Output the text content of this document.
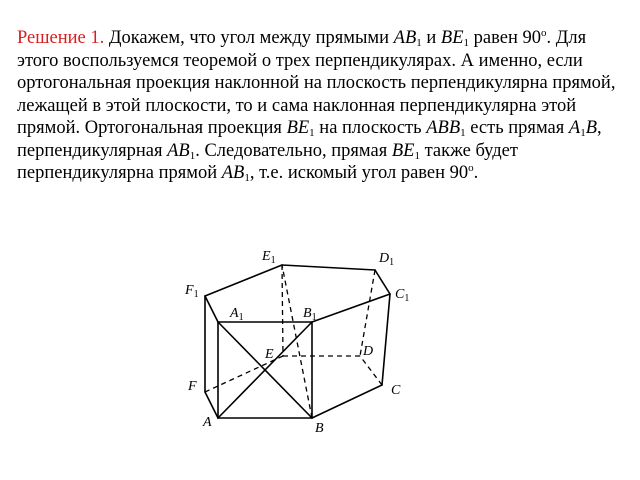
Решение 1. Докажем, что угол между прямыми $AB_1$ и $BE_1$ равен 90$^o$. Для этого воспользуемся теоремой о трех перпендикулярах. А именно, если ортогональная проекция наклонной на плоскость перпендикулярна прямой, лежащей в этой плоскости, то и сама наклонная перпендикулярна этой прямой. Ортогональная проекция $BE_1$ на плоскость $ABB_1$ есть прямая $A_1B$, перпендикулярная $AB_1$. Следовательно, прямая $BE_1$ также будет перпендикулярна прямой $AB_1$, т.е. искомый угол равен 90$^o$.
$E_1$	$D_1$
$F_1$	$C_1$
$A_1$	$B_1$
E	D
F	C
A	B
